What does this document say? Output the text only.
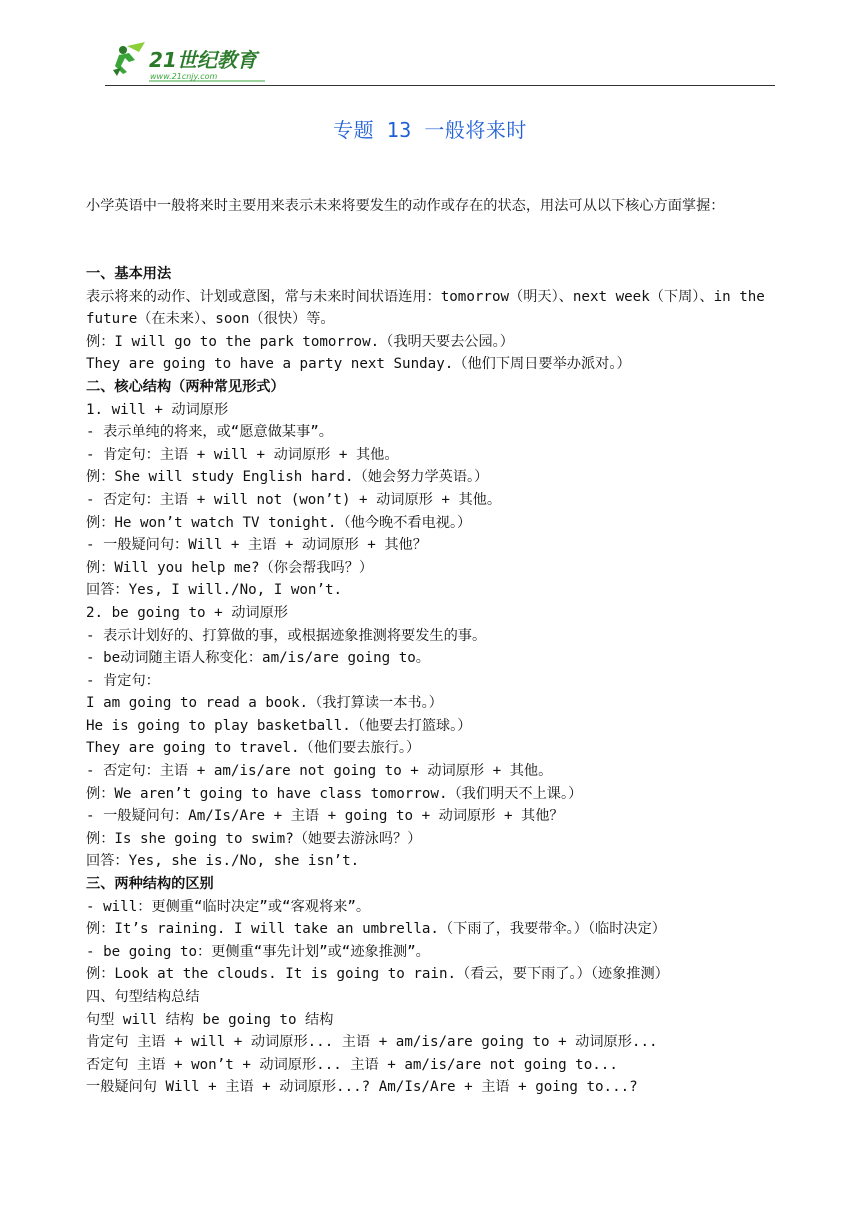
21世纪教育
www.21cnjy.com
专题 13 一般将来时
小学英语中一般将来时主要用来表示未来将要发生的动作或存在的状态，用法可从以下核心方面掌握：
一、基本用法
表示将来的动作、计划或意图，常与未来时间状语连用：tomorrow（明天）、next week（下周）、in the future（在未来）、soon（很快）等。
例：I will go to the park tomorrow.（我明天要去公园。）
They are going to have a party next Sunday.（他们下周日要举办派对。）
二、核心结构（两种常见形式）
1. will + 动词原形
- 表示单纯的将来，或“愿意做某事”。
- 肯定句：主语 + will + 动词原形 + 其他。
例：She will study English hard.（她会努力学英语。）
- 否定句：主语 + will not (won’t) + 动词原形 + 其他。
例：He won’t watch TV tonight.（他今晚不看电视。）
- 一般疑问句：Will + 主语 + 动词原形 + 其他？
例：Will you help me?（你会帮我吗？）
回答：Yes, I will./No, I won’t.
2. be going to + 动词原形
- 表示计划好的、打算做的事，或根据迹象推测将要发生的事。
- be动词随主语人称变化：am/is/are going to。
- 肯定句：
I am going to read a book.（我打算读一本书。）
He is going to play basketball.（他要去打篮球。）
They are going to travel.（他们要去旅行。）
- 否定句：主语 + am/is/are not going to + 动词原形 + 其他。
例：We aren’t going to have class tomorrow.（我们明天不上课。）
- 一般疑问句：Am/Is/Are + 主语 + going to + 动词原形 + 其他？
例：Is she going to swim?（她要去游泳吗？）
回答：Yes, she is./No, she isn’t.
三、两种结构的区别
- will：更侧重“临时决定”或“客观将来”。
例：It’s raining. I will take an umbrella.（下雨了，我要带伞。）（临时决定）
- be going to：更侧重“事先计划”或“迹象推测”。
例：Look at the clouds. It is going to rain.（看云，要下雨了。）（迹象推测）
四、句型结构总结
句型 will 结构 be going to 结构
肯定句 主语 + will + 动词原形... 主语 + am/is/are going to + 动词原形...
否定句 主语 + won’t + 动词原形... 主语 + am/is/are not going to...
一般疑问句 Will + 主语 + 动词原形...? Am/Is/Are + 主语 + going to...?
